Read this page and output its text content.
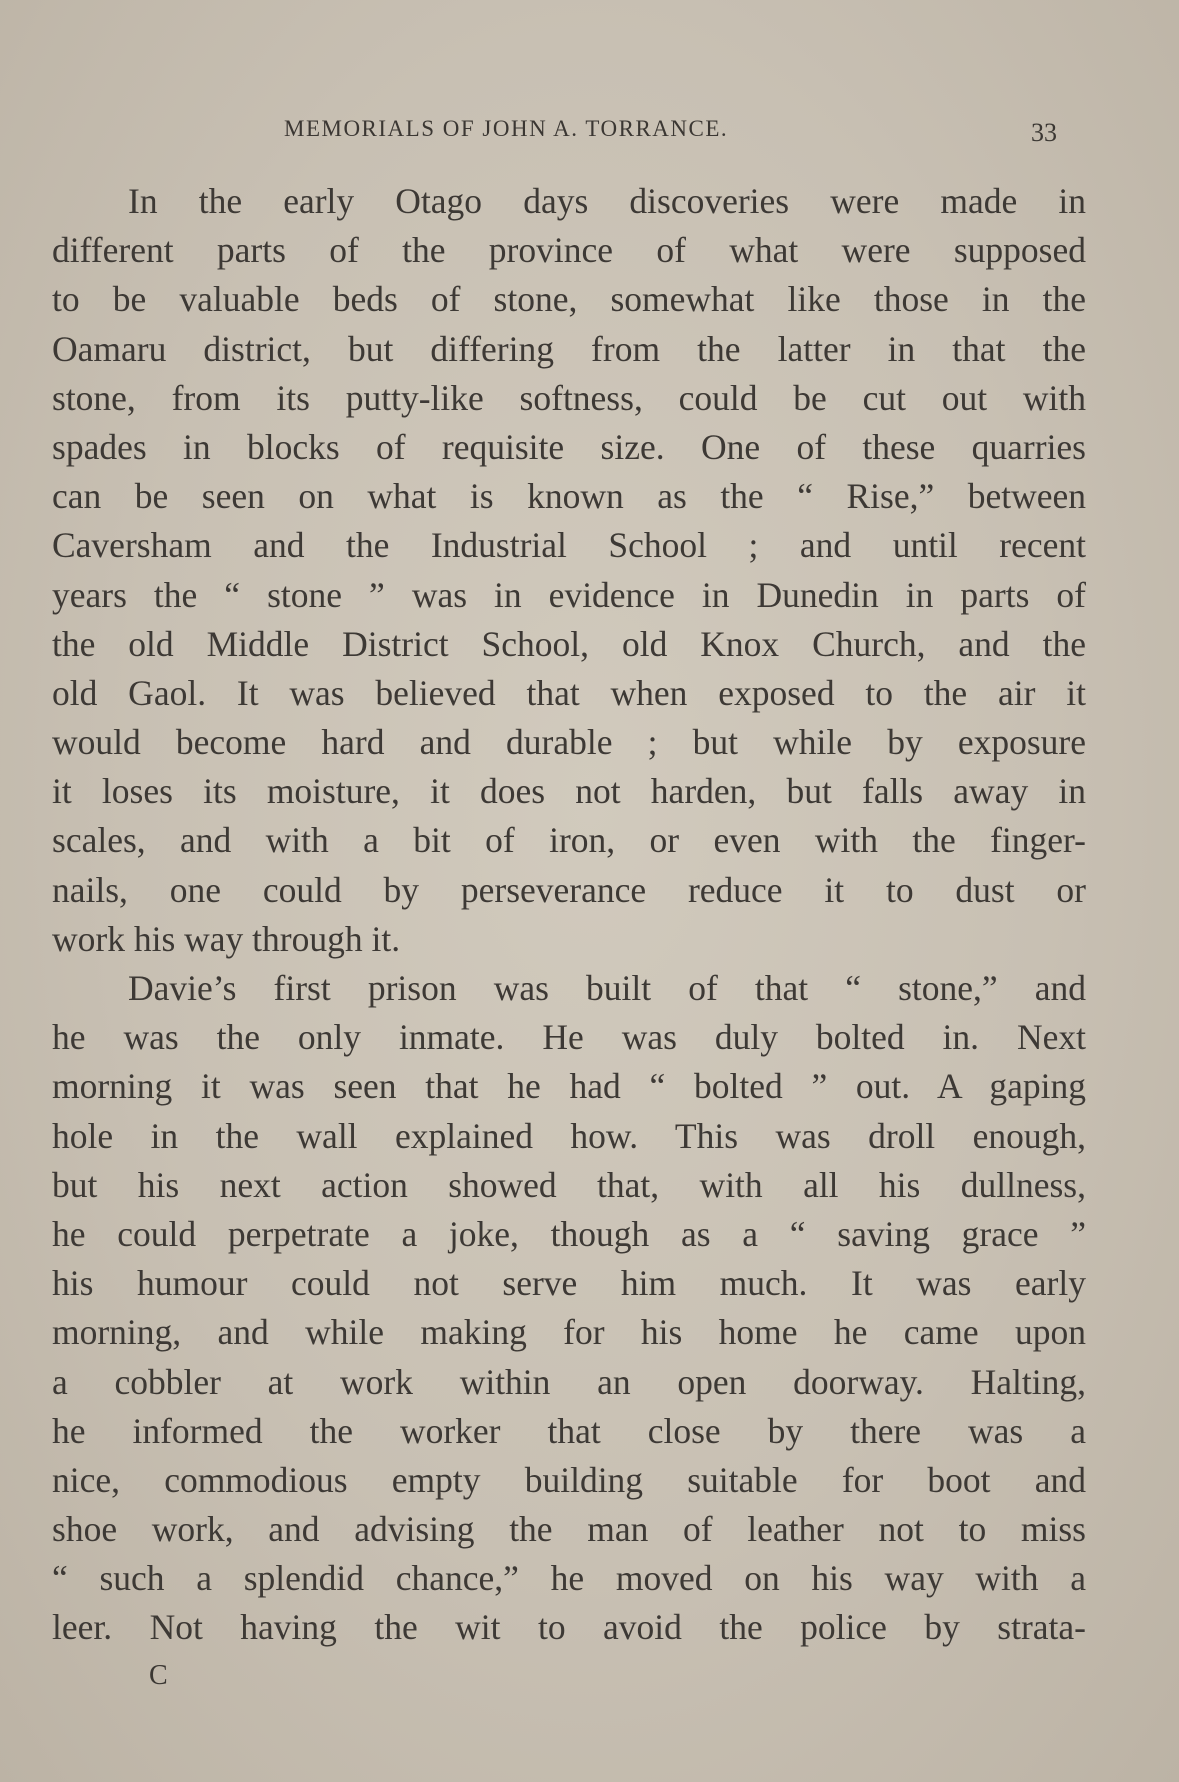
MEMORIALS OF JOHN A. TORRANCE.	33
In the early Otago days discoveries were made in
different parts of the province of what were supposed
to be valuable beds of stone, somewhat like those in the
Oamaru district, but differing from the latter in that the
stone, from its putty-like softness, could be cut out with
spades in blocks of requisite size. One of these quarries
can be seen on what is known as the “ Rise,” between
Caversham and the Industrial School ; and until recent
years the “ stone ” was in evidence in Dunedin in parts of
the old Middle District School, old Knox Church, and the
old Gaol. It was believed that when exposed to the air it
would become hard and durable ; but while by exposure
it loses its moisture, it does not harden, but falls away in
scales, and with a bit of iron, or even with the finger-
nails, one could by perseverance reduce it to dust or
work his way through it.
Davie’s first prison was built of that “ stone,” and
he was the only inmate. He was duly bolted in. Next
morning it was seen that he had “ bolted ” out. A gaping
hole in the wall explained how. This was droll enough,
but his next action showed that, with all his dullness,
he could perpetrate a joke, though as a “ saving grace ”
his humour could not serve him much. It was early
morning, and while making for his home he came upon
a cobbler at work within an open doorway. Halting,
he informed the worker that close by there was a
nice, commodious empty building suitable for boot and
shoe work, and advising the man of leather not to miss
“ such a splendid chance,” he moved on his way with a
leer. Not having the wit to avoid the police by strata-
C
